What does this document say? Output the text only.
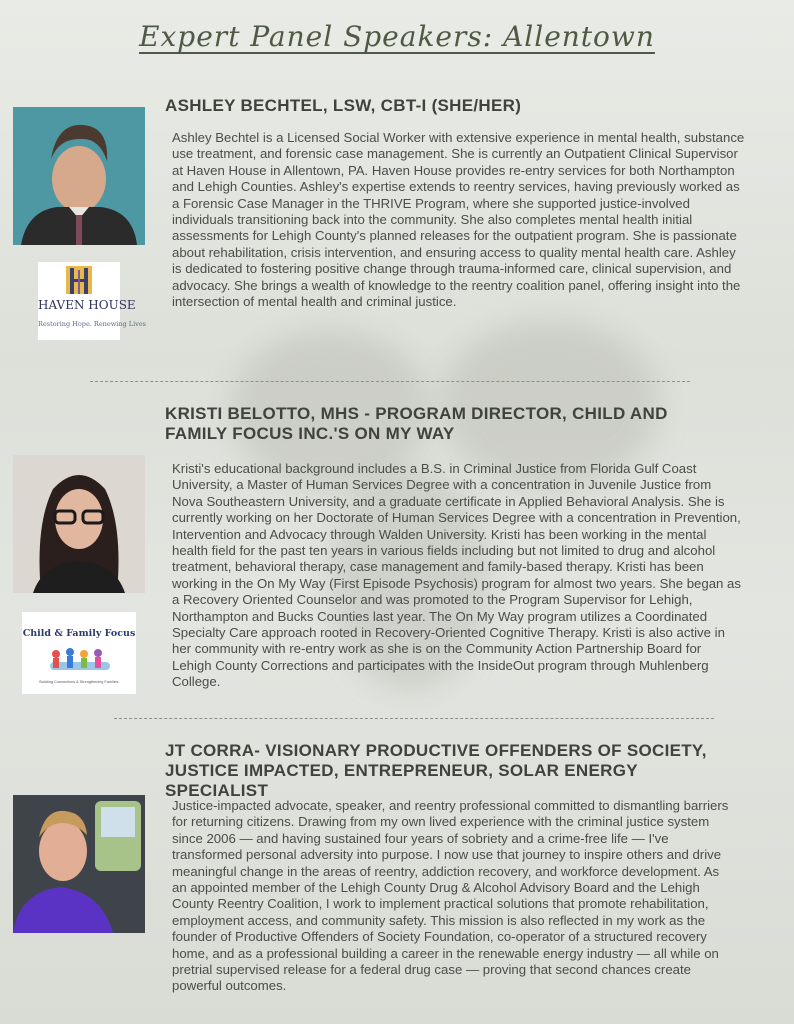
Expert Panel Speakers: Allentown
HAVEN HOUSE
Restoring Hope. Renewing Lives
ASHLEY BECHTEL, LSW, CBT-I (SHE/HER)
Ashley Bechtel is a Licensed Social Worker with extensive experience in mental health, substance use treatment, and forensic case management. She is currently an Outpatient Clinical Supervisor at Haven House in Allentown, PA. Haven House provides re-entry services for both Northampton and Lehigh Counties. Ashley's expertise extends to reentry services, having previously worked as a Forensic Case Manager in the THRIVE Program, where she supported justice-involved individuals transitioning back into the community. She also completes mental health initial assessments for Lehigh County's planned releases for the outpatient program. She is passionate about rehabilitation, crisis intervention, and ensuring access to quality mental health care. Ashley is dedicated to fostering positive change through trauma-informed care, clinical supervision, and advocacy. She brings a wealth of knowledge to the reentry coalition panel, offering insight into the intersection of mental health and criminal justice.
Child & Family Focus
Building Connections & Strengthening Families
KRISTI BELOTTO, MHS - PROGRAM DIRECTOR, CHILD AND FAMILY FOCUS INC.'S ON MY WAY
Kristi's educational background includes a B.S. in Criminal Justice from Florida Gulf Coast University, a Master of Human Services Degree with a concentration in Juvenile Justice from Nova Southeastern University, and a graduate certificate in Applied Behavioral Analysis. She is currently working on her Doctorate of Human Services Degree with a concentration in Prevention, Intervention and Advocacy through Walden University. Kristi has been working in the mental health field for the past ten years in various fields including but not limited to drug and alcohol treatment, behavioral therapy, case management and family-based therapy. Kristi has been working in the On My Way (First Episode Psychosis) program for almost two years. She began as a Recovery Oriented Counselor and was promoted to the Program Supervisor for Lehigh, Northampton and Bucks Counties last year. The On My Way program utilizes a Coordinated Specialty Care approach rooted in Recovery-Oriented Cognitive Therapy. Kristi is also active in her community with re-entry work as she is on the Community Action Partnership Board for Lehigh County Corrections and participates with the InsideOut program through Muhlenberg College.
JT CORRA- VISIONARY PRODUCTIVE OFFENDERS OF SOCIETY, JUSTICE IMPACTED, ENTREPRENEUR, SOLAR ENERGY SPECIALIST
Justice-impacted advocate, speaker, and reentry professional committed to dismantling barriers for returning citizens. Drawing from my own lived experience with the criminal justice system since 2006 — and having sustained four years of sobriety and a crime-free life — I've transformed personal adversity into purpose. I now use that journey to inspire others and drive meaningful change in the areas of reentry, addiction recovery, and workforce development. As an appointed member of the Lehigh County Drug & Alcohol Advisory Board and the Lehigh County Reentry Coalition, I work to implement practical solutions that promote rehabilitation, employment access, and community safety. This mission is also reflected in my work as the founder of Productive Offenders of Society Foundation, co-operator of a structured recovery home, and as a professional building a career in the renewable energy industry — all while on pretrial supervised release for a federal drug case — proving that second chances create powerful outcomes.
